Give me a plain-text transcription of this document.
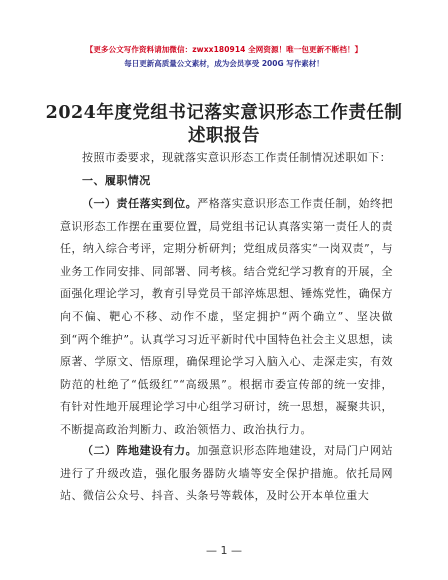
【更多公文写作资料请加微信：zwxx180914 全网资源！唯一包更新不断档！】
每日更新高质量公文素材，成为会员享受 200G 写作素材！
2024年度党组书记落实意识形态工作责任制述职报告
按照市委要求，现就落实意识形态工作责任制情况述职如下：
一、履职情况
（一）责任落实到位。严格落实意识形态工作责任制，始终把意识形态工作摆在重要位置，局党组书记认真落实第一责任人的责任，纳入综合考评，定期分析研判；党组成员落实“一岗双责”，与业务工作同安排、同部署、同考核。结合党纪学习教育的开展，全面强化理论学习，教育引导党员干部淬炼思想、锤炼党性，确保方向不偏、靶心不移、动作不虚，坚定拥护“两个确立”、坚决做到“两个维护”。认真学习习近平新时代中国特色社会主义思想，读原著、学原文、悟原理，确保理论学习入脑入心、走深走实，有效防范的杜绝了“低级红”“高级黑”。根据市委宣传部的统一安排，有针对性地开展理论学习中心组学习研讨，统一思想，凝聚共识，不断提高政治判断力、政治领悟力、政治执行力。
（二）阵地建设有力。加强意识形态阵地建设，对局门户网站进行了升级改造，强化服务器防火墙等安全保护措施。依托局网站、微信公众号、抖音、头条号等载体，及时公开本单位重大
— 1 —
